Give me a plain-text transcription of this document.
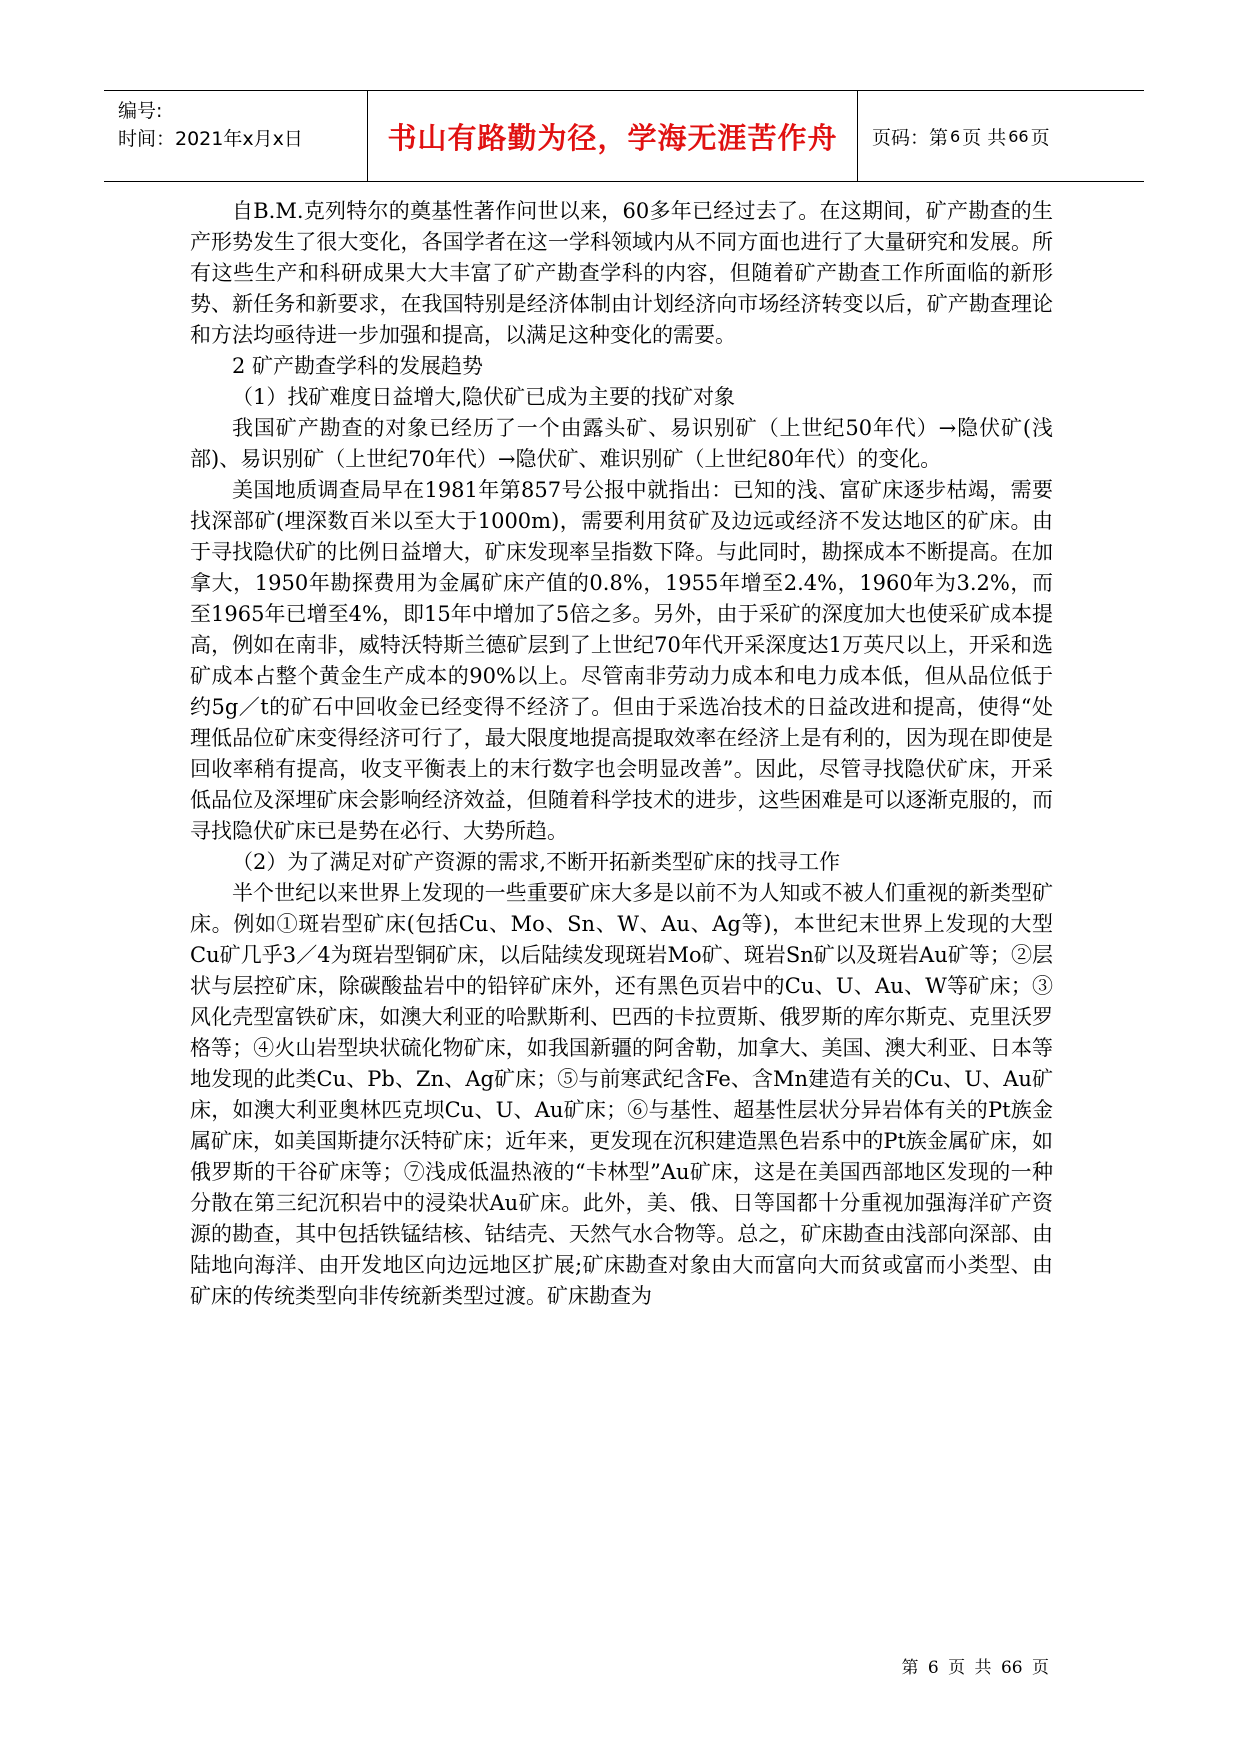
编号:
时间：2021年x月x日	书山有路勤为径，学海无涯苦作舟 页码：第 6 页 共 66 页

自B.M.克列特尔的奠基性著作问世以来，60多年已经过去了。在这期间，矿产勘查的生产形势发生了很大变化，各国学者在这一学科领域内从不同方面也进行了大量研究和发展。所有这些生产和科研成果大大丰富了矿产勘查学科的内容，但随着矿产勘查工作所面临的新形势、新任务和新要求，在我国特别是经济体制由计划经济向市场经济转变以后，矿产勘查理论和方法均亟待进一步加强和提高，以满足这种变化的需要。

2 矿产勘查学科的发展趋势

（1）找矿难度日益增大,隐伏矿已成为主要的找矿对象

我国矿产勘查的对象已经历了一个由露头矿、易识别矿（上世纪50年代）→隐伏矿(浅部)、易识别矿（上世纪70年代）→隐伏矿、难识别矿（上世纪80年代）的变化。

美国地质调查局早在1981年第857号公报中就指出：已知的浅、富矿床逐步枯竭，需要找深部矿(埋深数百米以至大于1000m)，需要利用贫矿及边远或经济不发达地区的矿床。由于寻找隐伏矿的比例日益增大，矿床发现率呈指数下降。与此同时，勘探成本不断提高。在加拿大，1950年勘探费用为金属矿床产值的0.8%，1955年增至2.4%，1960年为3.2%，而至1965年已增至4%，即15年中增加了5倍之多。另外，由于采矿的深度加大也使采矿成本提高，例如在南非，威特沃特斯兰德矿层到了上世纪70年代开采深度达1万英尺以上，开采和选矿成本占整个黄金生产成本的90%以上。尽管南非劳动力成本和电力成本低，但从品位低于约5g／t的矿石中回收金已经变得不经济了。但由于采选冶技术的日益改进和提高，使得“处理低品位矿床变得经济可行了，最大限度地提高提取效率在经济上是有利的，因为现在即使是回收率稍有提高，收支平衡表上的末行数字也会明显改善”。因此，尽管寻找隐伏矿床，开采低品位及深埋矿床会影响经济效益，但随着科学技术的进步，这些困难是可以逐渐克服的，而寻找隐伏矿床已是势在必行、大势所趋。

（2）为了满足对矿产资源的需求,不断开拓新类型矿床的找寻工作

半个世纪以来世界上发现的一些重要矿床大多是以前不为人知或不被人们重视的新类型矿床。例如①斑岩型矿床(包括Cu、Mo、Sn、W、Au、Ag等)，本世纪末世界上发现的大型Cu矿几乎3／4为斑岩型铜矿床，以后陆续发现斑岩Mo矿、斑岩Sn矿以及斑岩Au矿等；②层状与层控矿床，除碳酸盐岩中的铅锌矿床外，还有黑色页岩中的Cu、U、Au、W等矿床；③风化壳型富铁矿床，如澳大利亚的哈默斯利、巴西的卡拉贾斯、俄罗斯的库尔斯克、克里沃罗格等；④火山岩型块状硫化物矿床，如我国新疆的阿舍勒，加拿大、美国、澳大利亚、日本等地发现的此类Cu、Pb、Zn、Ag矿床；⑤与前寒武纪含Fe、含Mn建造有关的Cu、U、Au矿床，如澳大利亚奥林匹克坝Cu、U、Au矿床；⑥与基性、超基性层状分异岩体有关的Pt族金属矿床，如美国斯捷尔沃特矿床；近年来，更发现在沉积建造黑色岩系中的Pt族金属矿床，如俄罗斯的干谷矿床等；⑦浅成低温热液的“卡林型”Au矿床，这是在美国西部地区发现的一种分散在第三纪沉积岩中的浸染状Au矿床。此外，美、俄、日等国都十分重视加强海洋矿产资源的勘查，其中包括铁锰结核、钴结壳、天然气水合物等。总之，矿床勘查由浅部向深部、由陆地向海洋、由开发地区向边远地区扩展;矿床勘查对象由大而富向大而贫或富而小类型、由矿床的传统类型向非传统新类型过渡。矿床勘查为

第 6 页 共 66 页
